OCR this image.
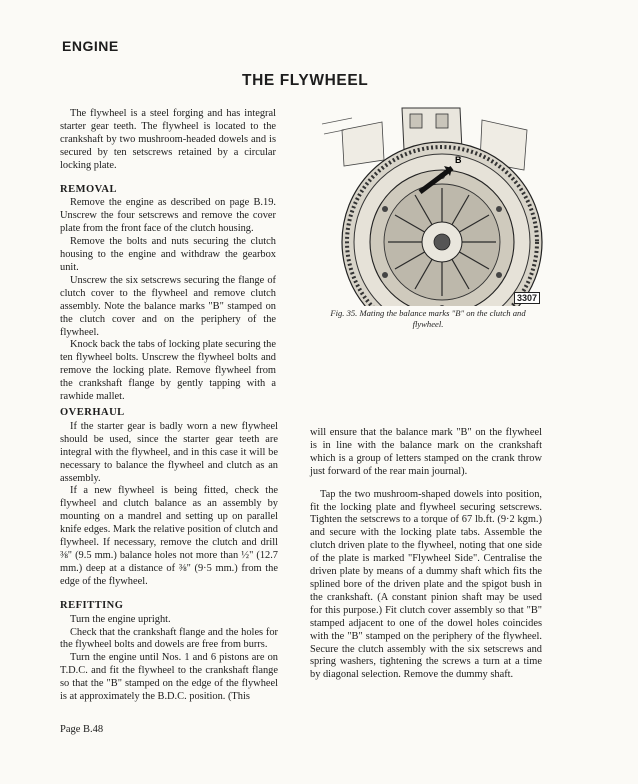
ENGINE
THE FLYWHEEL

The flywheel is a steel forging and has integral starter gear teeth. The flywheel is located to the crankshaft by two mushroom-headed dowels and is secured by ten setscrews retained by a circular locking plate.

REMOVAL

Remove the engine as described on page B.19. Unscrew the four setscrews and remove the cover plate from the front face of the clutch housing.

Remove the bolts and nuts securing the clutch housing to the engine and withdraw the gearbox unit.

Unscrew the six setscrews securing the flange of clutch cover to the flywheel and remove clutch assembly. Note the balance marks "B" stamped on the clutch cover and on the periphery of the flywheel.

Knock back the tabs of locking plate securing the ten flywheel bolts. Unscrew the flywheel bolts and remove the locking plate. Remove flywheel from the crankshaft flange by gently tapping with a rawhide mallet.

OVERHAUL

If the starter gear is badly worn a new flywheel should be used, since the starter gear teeth are integral with the flywheel, and in this case it will be necessary to balance the flywheel and clutch as an assembly.

If a new flywheel is being fitted, check the flywheel and clutch balance as an assembly by mounting on a mandrel and setting up on parallel knife edges. Mark the relative position of clutch and flywheel. If necessary, remove the clutch and drill ⅜" (9.5 mm.) balance holes not more than ½" (12.7 mm.) deep at a distance of ⅜" (9·5 mm.) from the edge of the flywheel.

REFITTING

Turn the engine upright.

Check that the crankshaft flange and the holes for the flywheel bolts and dowels are free from burrs.

Turn the engine until Nos. 1 and 6 pistons are on T.D.C. and fit the flywheel to the crankshaft flange so that the "B" stamped on the edge of the flywheel is at approximately the B.D.C. position. (This

will ensure that the balance mark "B" on the flywheel is in line with the balance mark on the crankshaft which is a group of letters stamped on the crank throw just forward of the rear main journal).

Tap the two mushroom-shaped dowels into position, fit the locking plate and flywheel securing setscrews. Tighten the setscrews to a torque of 67 lb.ft. (9·2 kgm.) and secure with the locking plate tabs. Assemble the clutch driven plate to the flywheel, noting that one side of the plate is marked "Flywheel Side". Centralise the driven plate by means of a dummy shaft which fits the splined bore of the driven plate and the spigot bush in the crankshaft. (A constant pinion shaft may be used for this purpose.) Fit clutch cover assembly so that "B" stamped adjacent to one of the dowel holes coincides with the "B" stamped on the periphery of the flywheel. Secure the clutch assembly with the six setscrews and spring washers, tightening the screws a turn at a time by diagonal selection. Remove the dummy shaft.

B
3307
Fig. 35. Mating the balance marks "B" on the clutch and flywheel.
Page B.48
